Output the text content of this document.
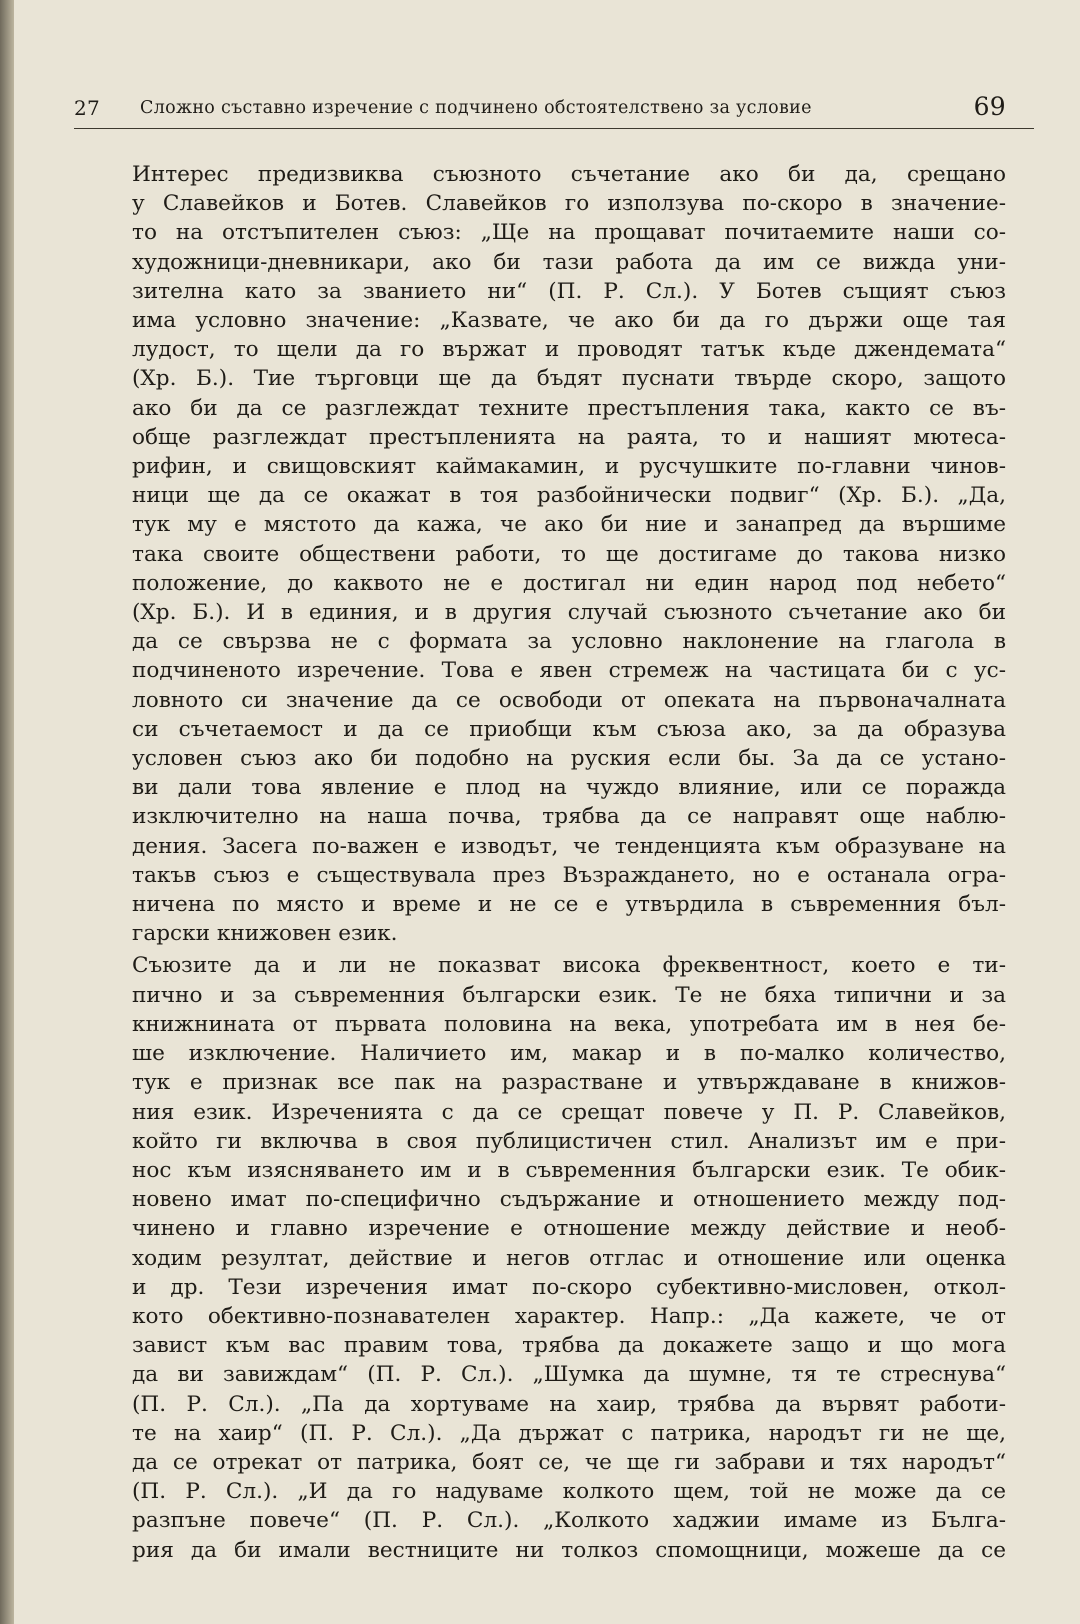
27 Сложно съставно изречение с подчинено обстоятелствено за условие	69

Интерес предизвиква съюзното съчетание ако би да, срещано
у Славейков и Ботев. Славейков го използува по-скоро в значение-
то на отстъпителен съюз: „Ще на прощават почитаемите наши со-
художници-дневникари, ако би тази работа да им се вижда уни-
зителна като за званието ни“ (П. Р. Сл.). У Ботев същият съюз
има условно значение: „Казвате, че ако би да го държи още тая
лудост, то щели да го вържат и проводят татък къде джендемата“
(Хр. Б.). Тие търговци ще да бъдят пуснати твърде скоро, защото
ако би да се разглеждат техните престъпления така, както се въ-
обще разглеждат престъпленията на раята, то и нашият мютеса-
рифин, и свищовският каймакамин, и русчушките по-главни чинов-
ници ще да се окажат в тоя разбойнически подвиг“ (Хр. Б.). „Да,
тук му е мястото да кажа, че ако би ние и занапред да вършиме
така своите обществени работи, то ще достигаме до такова низко
положение, до каквото не е достигал ни един народ под небето“
(Хр. Б.). И в единия, и в другия случай съюзното съчетание ако би
да се свързва не с формата за условно наклонение на глагола в
подчиненото изречение. Това е явен стремеж на частицата би с ус-
ловното си значение да се освободи от опеката на първоначалната
си съчетаемост и да се приобщи към съюза ако, за да образува
условен съюз ако би подобно на руския если бы. За да се устано-
ви дали това явление е плод на чуждо влияние, или се поражда
изключително на наша почва, трябва да се направят още наблю-
дения. Засега по-важен е изводът, че тенденцията към образуване на
такъв съюз е съществувала през Възраждането, но е останала огра-
ничена по място и време и не се е утвърдила в съвременния бъл-
гарски книжовен език.

Съюзите да и ли не показват висока фреквентност, което е ти-
пично и за съвременния български език. Те не бяха типични и за
книжнината от първата половина на века, употребата им в нея бе-
ше изключение. Наличието им, макар и в по-малко количество,
тук е признак все пак на разрастване и утвърждаване в книжов-
ния език. Изреченията с да се срещат повече у П. Р. Славейков,
който ги включва в своя публицистичен стил. Анализът им е при-
нос към изясняването им и в съвременния български език. Те обик-
новено имат по-специфично съдържание и отношението между под-
чинено и главно изречение е отношение между действие и необ-
ходим резултат, действие и негов отглас и отношение или оценка
и др. Тези изречения имат по-скоро субективно-мисловен, откол-
кото обективно-познавателен характер. Напр.: „Да кажете, че от
завист към вас правим това, трябва да докажете защо и що мога
да ви завиждам“ (П. Р. Сл.). „Шумка да шумне, тя те стреснува“
(П. Р. Сл.). „Па да хортуваме на хаир, трябва да вървят работи-
те на хаир“ (П. Р. Сл.). „Да държат с патрика, народът ги не ще,
да се отрекат от патрика, боят се, че ще ги забрави и тях народът“
(П. Р. Сл.). „И да го надуваме колкото щем, той не може да се
разпъне повече“ (П. Р. Сл.). „Колкото хаджии имаме из Бълга-
рия да би имали вестниците ни толкоз спомощници, можеше да се
